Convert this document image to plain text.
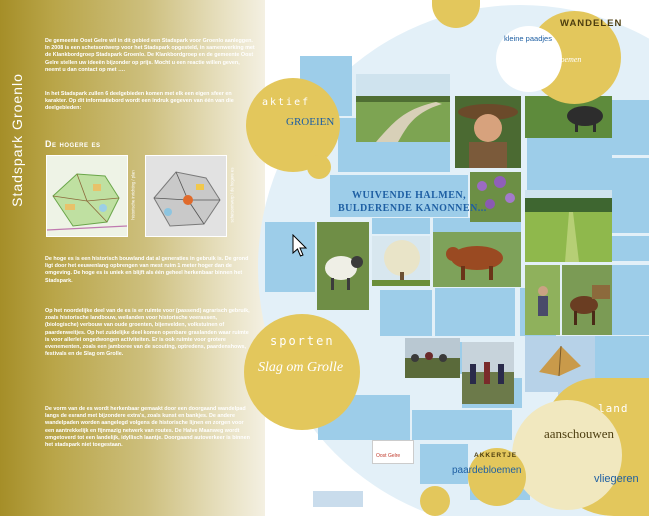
Stadspark Groenlo
De gemeente Oost Gelre wil in dit gebied een Stadspark voor Groenlo aanleggen. In 2008 is een schetsontwerp voor het Stadspark opgesteld, in samenwerking met de Klankbordgroep Stadspark Groenlo. De Klankbordgroep en de gemeente Oost Gelre stellen uw ideeën bijzonder op prijs. Mocht u een reactie willen geven, neemt u dan contact op met ….
In het Stadspark zullen 6 deelgebieden komen met elk een eigen sfeer en karakter. Op dit informatiebord wordt een indruk gegeven van één van die deelgebieden:
De hogere es
historische inrichting / plan	schetsontwerp / de hogere es
De hoge es is een historisch bouwland dat al generaties in gebruik is. De grond ligt door het eeuwenlang opbrengen van mest ruim 1 meter hoger dan de omgeving. De hoge es is uniek en blijft als één geheel herkenbaar binnen het Stadspark.
Op het noordelijke deel van de es is er ruimte voor (passend) agrarisch gebruik, zoals historische landbouw, weilanden voor historische veerassen, (biologische) verbouw van oude groenten, bijenvelden, volkstuinen of paardenweitjes. Op het zuidelijke deel komen openbare graslanden waar ruimte is voor allerlei ongedwongen activiteiten. Er is ook ruimte voor grotere evenementen, zoals een jamboree van de scouting, optredens, paardenshows, festivals en de Slag om Grolle.
De vorm van de es wordt herkenbaar gemaakt door een doorgaand wandelpad langs de esrand met bijzondere extra's, zoals kunst en bankjes. De andere wandelpaden worden aangelegd volgens de historische lijnen en zorgen voor een aantrekkelijk en fijnmazig netwerk van routes. De Halve Maanweg wordt omgetoverd tot een landelijk, idyllisch laantje. Doorgaand autoverkeer is binnen het stadspark niet toegestaan.
WANDELEN
kleine paadjes
veldbloemen
aktief
GROEIEN
WUIVENDE HALMEN,
BULDERENDE KANONNEN...
sporten
Slag om Grolle
land
aanschouwen
AKKERTJE
paardebloemen
vliegeren
Oost Gelre
